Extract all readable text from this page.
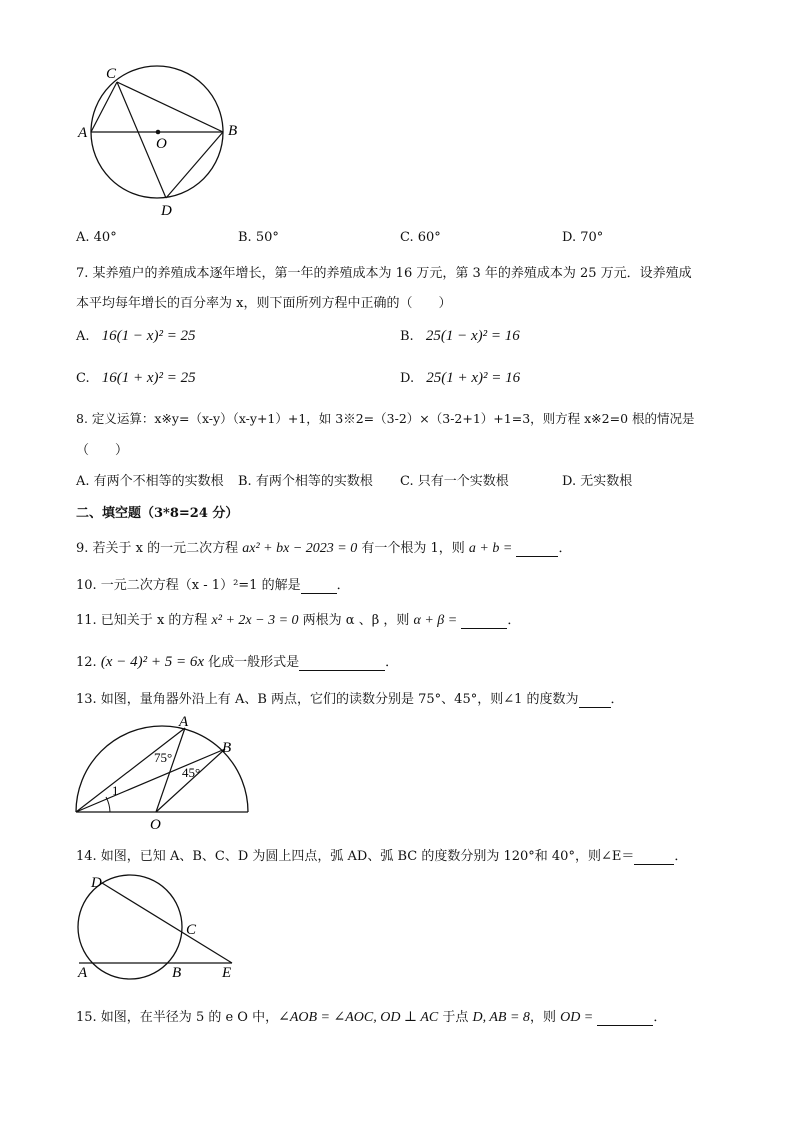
C
A
O
B
D
A. 40°	B. 50°	C. 60°	D. 70°
7. 某养殖户的养殖成本逐年增长，第一年的养殖成本为 16 万元，第 3 年的养殖成本为 25 万元．设养殖成
本平均每年增长的百分率为 x，则下面所列方程中正确的（　　）
A. 16(1 − x)² = 25	B. 25(1 − x)² = 16
C. 16(1 + x)² = 25	D. 25(1 + x)² = 16
8. 定义运算：x※y=（x-y）（x-y+1）+1，如 3※2=（3-2）×（3-2+1）+1=3，则方程 x※2=0 根的情况是
（　　）
A. 有两个不相等的实数根 B. 有两个相等的实数根 C. 只有一个实数根	D. 无实数根
二、填空题（3*8=24 分）
9. 若关于 x 的一元二次方程 ax² + bx − 2023 = 0 有一个根为 1，则 a + b =	．
10. 一元二次方程（x - 1）²=1 的解是	．
11. 已知关于 x 的方程 x² + 2x − 3 = 0 两根为 α 、β ，则 α + β =	．
12. (x − 4)² + 5 = 6x 化成一般形式是	．
13. 如图，量角器外沿上有 A、B 两点，它们的读数分别是 75°、45°，则∠1 的度数为 ．
A
B
O
1
75°
45°
14. 如图，已知 A、B、C、D 为圆上四点，弧 AD、弧 BC 的度数分别为 120°和 40°，则∠E＝	．
D
C
A	B	E
15. 如图，在半径为 5 的 e O 中，∠AOB = ∠AOC, OD ⊥ AC 于点 D, AB = 8，则 OD =	．
